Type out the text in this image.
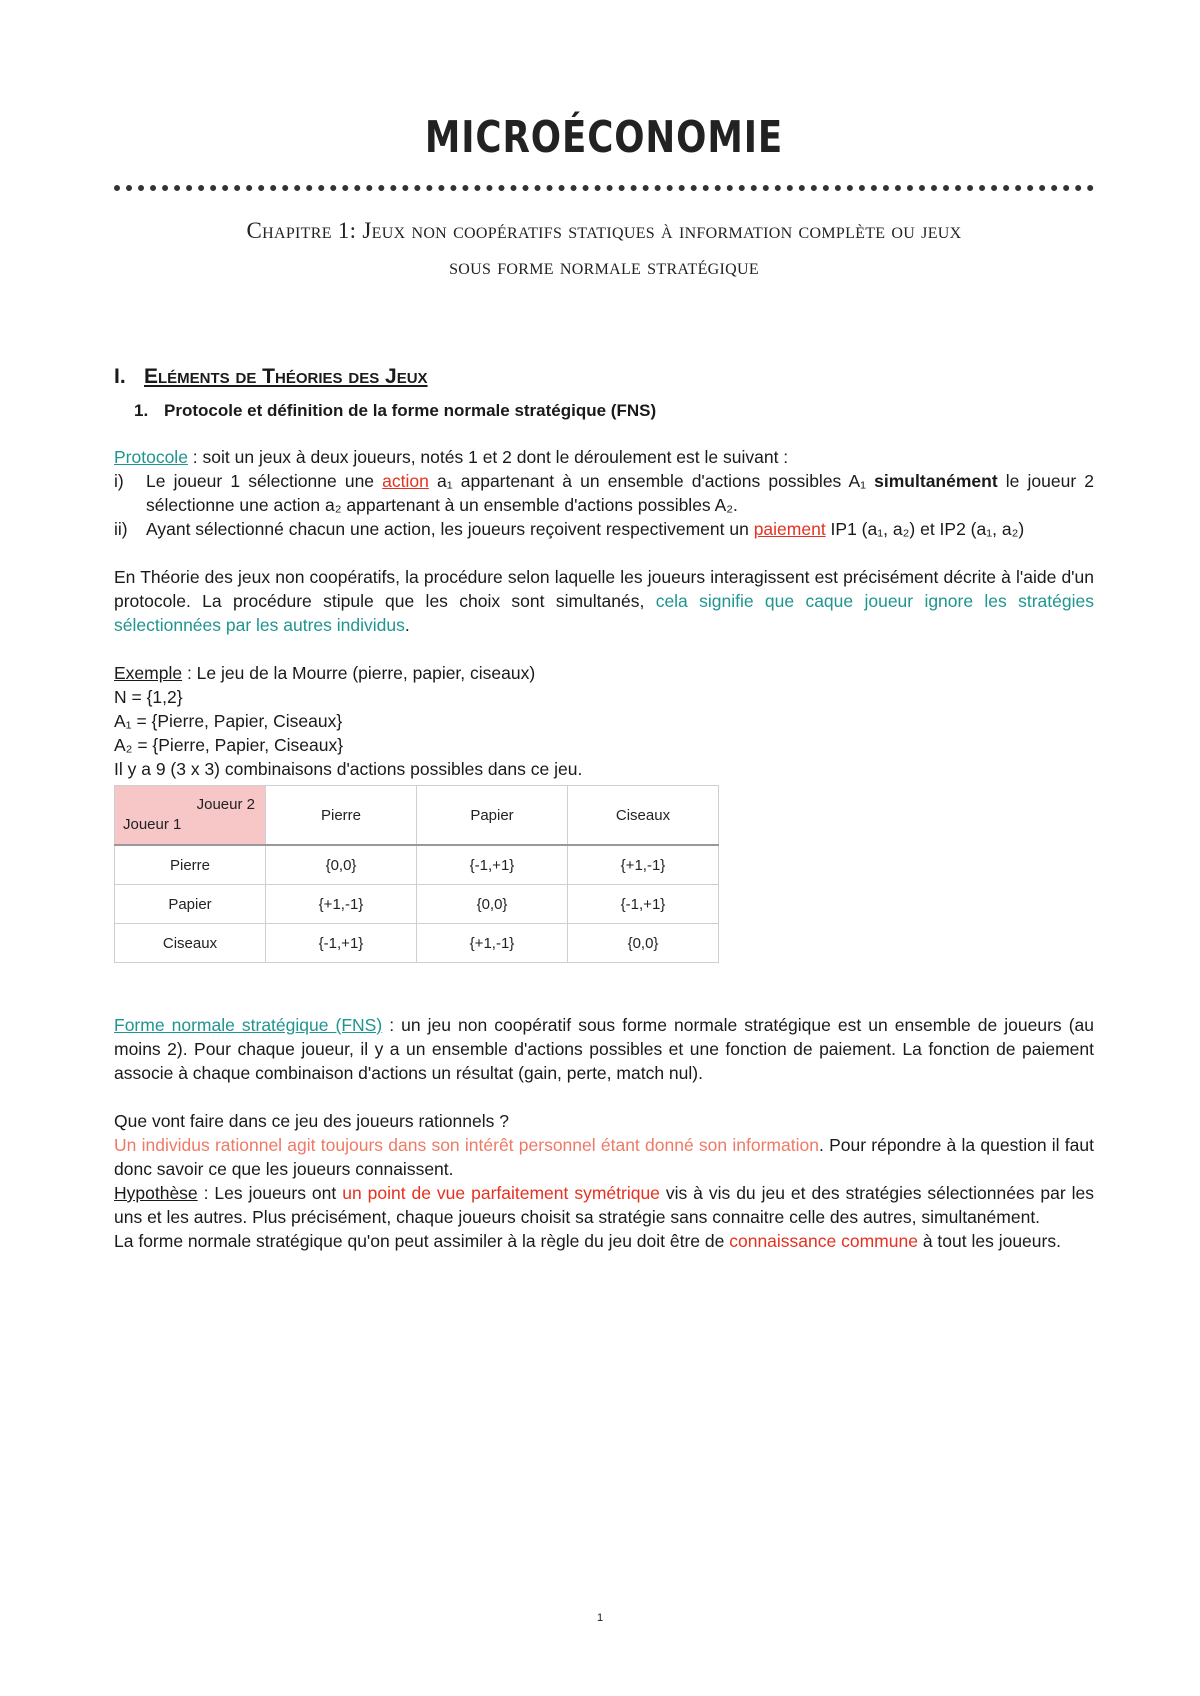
MICROÉCONOMIE
Chapitre 1: Jeux non coopératifs statiques à information complète ou jeux
sous forme normale stratégique
I. Eléments de Théories des Jeux
1. Protocole et définition de la forme normale stratégique (FNS)

Protocole : soit un jeux à deux joueurs, notés 1 et 2 dont le déroulement est le suivant :

i)	Le joueur 1 sélectionne une action a₁ appartenant à un ensemble d'actions possibles A₁ simultanément le joueur 2 sélectionne une action a₂ appartenant à un ensemble d'actions possibles A₂.
ii)	Ayant sélectionné chacun une action, les joueurs reçoivent respectivement un paiement IP1 (a₁, a₂) et IP2 (a₁, a₂)

En Théorie des jeux non coopératifs, la procédure selon laquelle les joueurs interagissent est précisément décrite à l'aide d'un protocole. La procédure stipule que les choix sont simultanés, cela signifie que caque joueur ignore les stratégies sélectionnées par les autres individus.

Exemple : Le jeu de la Mourre (pierre, papier, ciseaux)

N = {1,2}

A₁ = {Pierre, Papier, Ciseaux}

A₂ = {Pierre, Papier, Ciseaux}

Il y a 9 (3 x 3) combinaisons d'actions possibles dans ce jeu.

Joueur 2
Joueur 1	Pierre	Papier	Ciseaux
Pierre	{0,0}	{-1,+1}	{+1,-1}
Papier	{+1,-1}	{0,0}	{-1,+1}
Ciseaux	{-1,+1}	{+1,-1}	{0,0}

Forme normale stratégique (FNS) : un jeu non coopératif sous forme normale stratégique est un ensemble de joueurs (au moins 2). Pour chaque joueur, il y a un ensemble d'actions possibles et une fonction de paiement. La fonction de paiement associe à chaque combinaison d'actions un résultat (gain, perte, match nul).

Que vont faire dans ce jeu des joueurs rationnels ?

Un individus rationnel agit toujours dans son intérêt personnel étant donné son information. Pour répondre à la question il faut donc savoir ce que les joueurs connaissent.

Hypothèse : Les joueurs ont un point de vue parfaitement symétrique vis à vis du jeu et des stratégies sélectionnées par les uns et les autres. Plus précisément, chaque joueurs choisit sa stratégie sans connaitre celle des autres, simultanément.

La forme normale stratégique qu'on peut assimiler à la règle du jeu doit être de connaissance commune à tout les joueurs.

1
